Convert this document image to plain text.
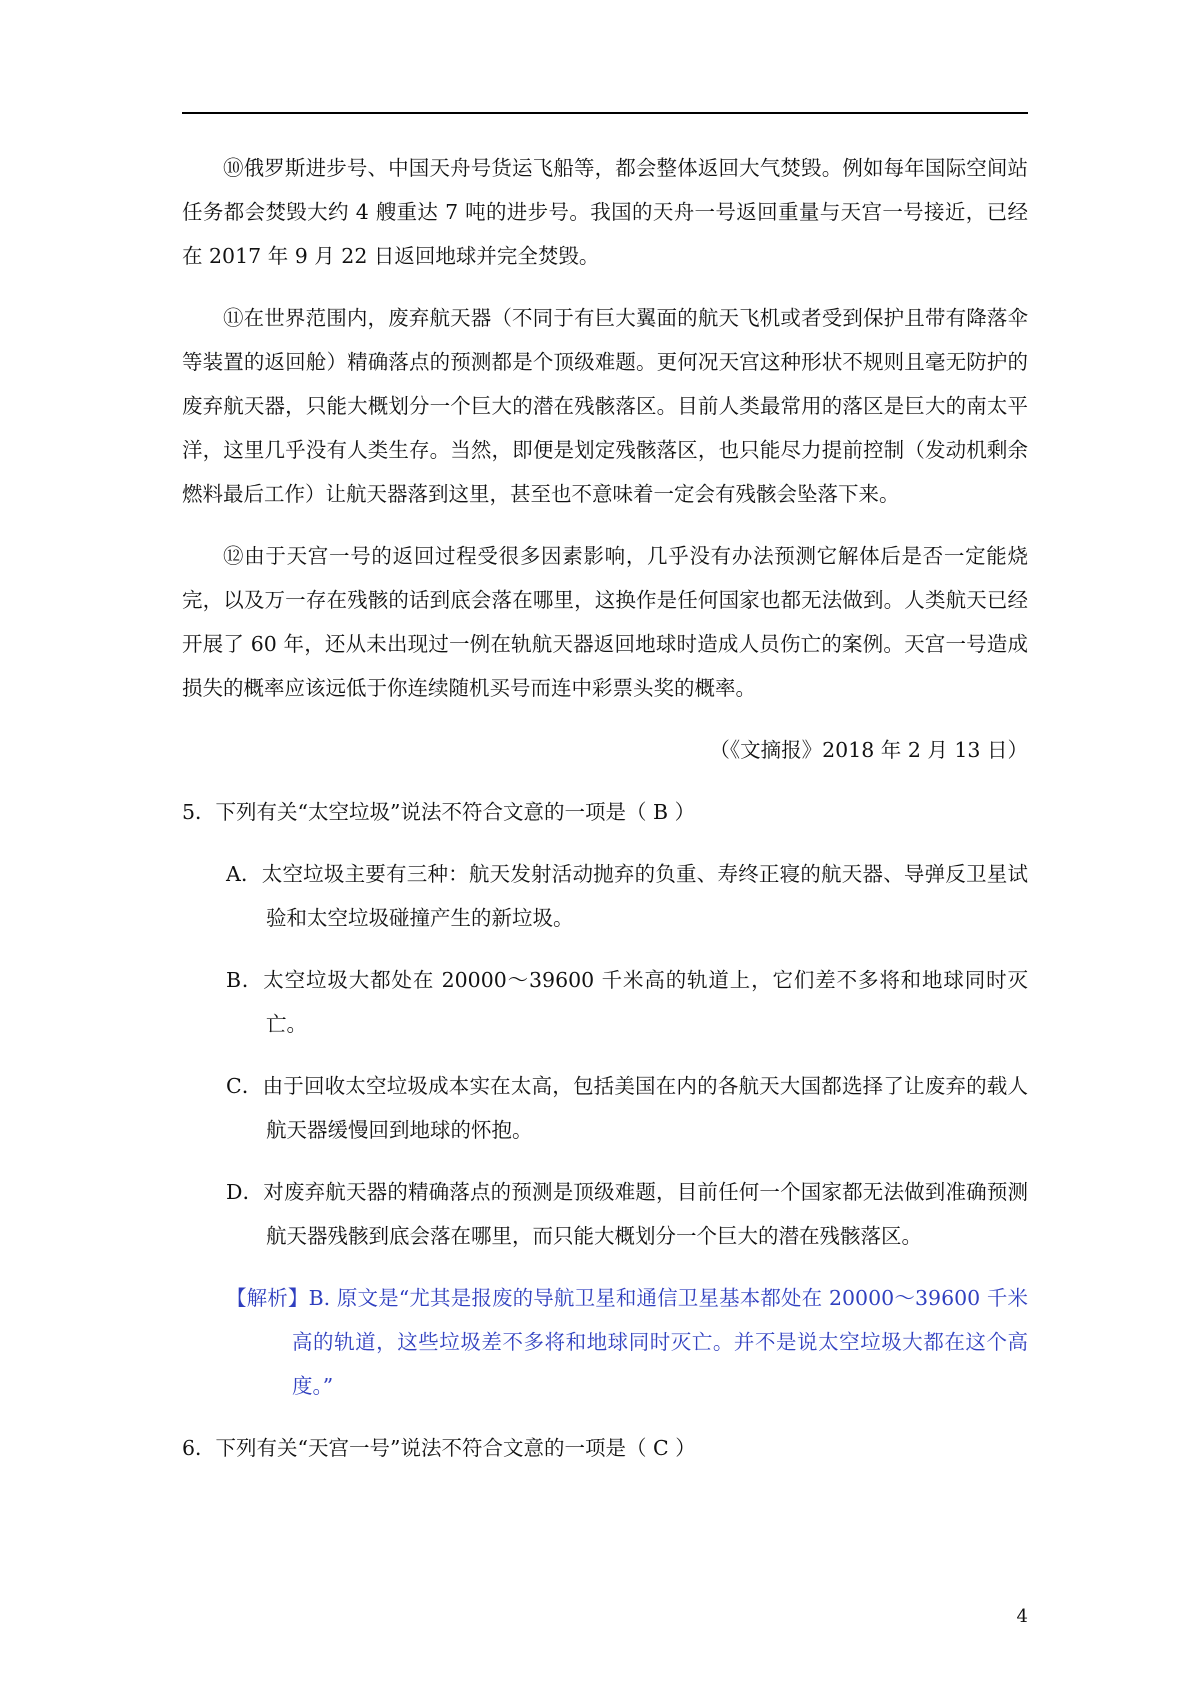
⑩俄罗斯进步号、中国天舟号货运飞船等，都会整体返回大气焚毁。例如每年国际空间站任务都会焚毁大约 4 艘重达 7 吨的进步号。我国的天舟一号返回重量与天宫一号接近，已经在 2017 年 9 月 22 日返回地球并完全焚毁。

⑪在世界范围内，废弃航天器（不同于有巨大翼面的航天飞机或者受到保护且带有降落伞等装置的返回舱）精确落点的预测都是个顶级难题。更何况天宫这种形状不规则且毫无防护的废弃航天器，只能大概划分一个巨大的潜在残骸落区。目前人类最常用的落区是巨大的南太平洋，这里几乎没有人类生存。当然，即便是划定残骸落区，也只能尽力提前控制（发动机剩余燃料最后工作）让航天器落到这里，甚至也不意味着一定会有残骸会坠落下来。

⑫由于天宫一号的返回过程受很多因素影响，几乎没有办法预测它解体后是否一定能烧完，以及万一存在残骸的话到底会落在哪里，这换作是任何国家也都无法做到。人类航天已经开展了 60 年，还从未出现过一例在轨航天器返回地球时造成人员伤亡的案例。天宫一号造成损失的概率应该远低于你连续随机买号而连中彩票头奖的概率。

（《文摘报》2018 年 2 月 13 日）

5．下列有关“太空垃圾”说法不符合文意的一项是（ B ）

A．太空垃圾主要有三种：航天发射活动抛弃的负重、寿终正寝的航天器、导弹反卫星试验和太空垃圾碰撞产生的新垃圾。

B．太空垃圾大都处在 20000～39600 千米高的轨道上，它们差不多将和地球同时灭亡。

C．由于回收太空垃圾成本实在太高，包括美国在内的各航天大国都选择了让废弃的载人航天器缓慢回到地球的怀抱。

D．对废弃航天器的精确落点的预测是顶级难题，目前任何一个国家都无法做到准确预测航天器残骸到底会落在哪里，而只能大概划分一个巨大的潜在残骸落区。

【解析】B. 原文是“尤其是报废的导航卫星和通信卫星基本都处在 20000～39600 千米高的轨道，这些垃圾差不多将和地球同时灭亡。并不是说太空垃圾大都在这个高度。”

6．下列有关“天宫一号”说法不符合文意的一项是（ C ）

4
